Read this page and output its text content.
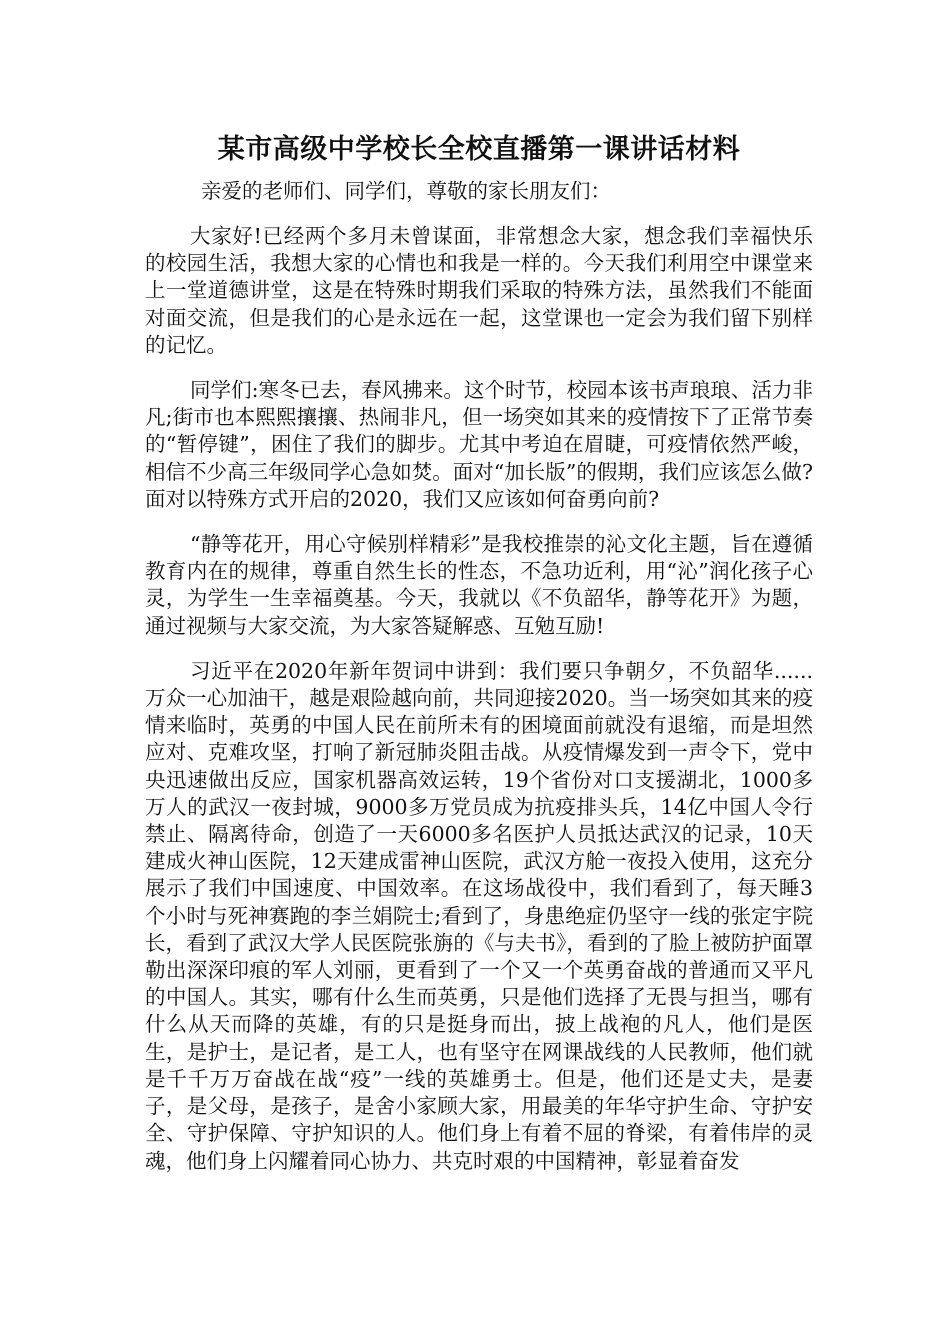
某市高级中学校长全校直播第一课讲话材料

亲爱的老师们、同学们，尊敬的家长朋友们：

大家好!已经两个多月未曾谋面，非常想念大家，想念我们幸福快乐的校园生活，我想大家的心情也和我是一样的。今天我们利用空中课堂来上一堂道德讲堂，这是在特殊时期我们采取的特殊方法，虽然我们不能面对面交流，但是我们的心是永远在一起，这堂课也一定会为我们留下别样的记忆。

同学们:寒冬已去，春风拂来。这个时节，校园本该书声琅琅、活力非凡;街市也本熙熙攘攘、热闹非凡，但一场突如其来的疫情按下了正常节奏的“暂停键”，困住了我们的脚步。尤其中考迫在眉睫，可疫情依然严峻，相信不少高三年级同学心急如焚。面对“加长版”的假期，我们应该怎么做?面对以特殊方式开启的2020，我们又应该如何奋勇向前?

“静等花开，用心守候别样精彩”是我校推崇的沁文化主题，旨在遵循教育内在的规律，尊重自然生长的性态，不急功近利，用“沁”润化孩子心灵，为学生一生幸福奠基。今天，我就以《不负韶华，静等花开》为题，通过视频与大家交流，为大家答疑解惑、互勉互励!

习近平在2020年新年贺词中讲到：我们要只争朝夕，不负韶华......万众一心加油干，越是艰险越向前，共同迎接2020。当一场突如其来的疫情来临时，英勇的中国人民在前所未有的困境面前就没有退缩，而是坦然应对、克难攻坚，打响了新冠肺炎阻击战。从疫情爆发到一声令下，党中央迅速做出反应，国家机器高效运转，19个省份对口支援湖北，1000多万人的武汉一夜封城，9000多万党员成为抗疫排头兵，14亿中国人令行禁止、隔离待命，创造了一天6000多名医护人员抵达武汉的记录，10天建成火神山医院，12天建成雷神山医院，武汉方舱一夜投入使用，这充分展示了我们中国速度、中国效率。在这场战役中，我们看到了，每天睡3个小时与死神赛跑的李兰娟院士;看到了，身患绝症仍坚守一线的张定宇院长，看到了武汉大学人民医院张旃的《与夫书》，看到的了脸上被防护面罩勒出深深印痕的军人刘丽，更看到了一个又一个英勇奋战的普通而又平凡的中国人。其实，哪有什么生而英勇，只是他们选择了无畏与担当，哪有什么从天而降的英雄，有的只是挺身而出，披上战袍的凡人，他们是医生，是护士，是记者，是工人，也有坚守在网课战线的人民教师，他们就是千千万万奋战在战“疫”一线的英雄勇士。但是，他们还是丈夫，是妻子，是父母，是孩子，是舍小家顾大家，用最美的年华守护生命、守护安全、守护保障、守护知识的人。他们身上有着不屈的脊梁，有着伟岸的灵魂，他们身上闪耀着同心协力、共克时艰的中国精神，彰显着奋发
